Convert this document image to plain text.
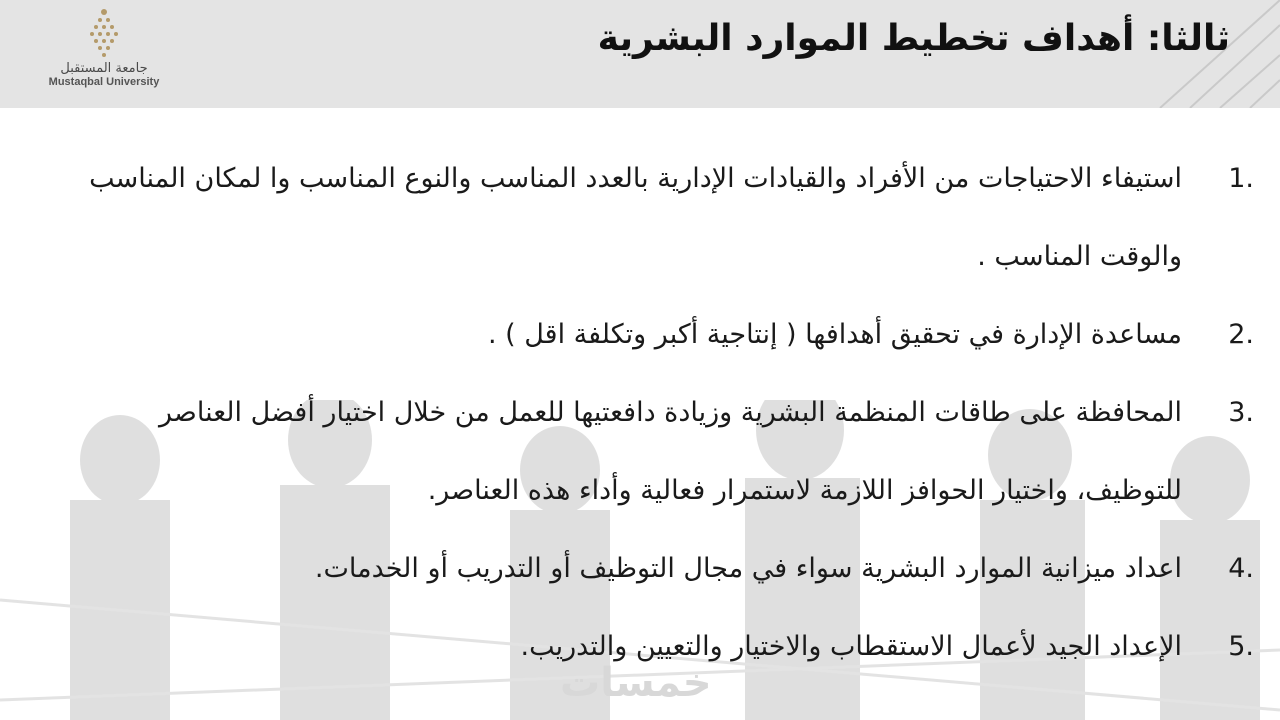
جامعة المستقبل
Mustaqbal University
ثالثا: أهداف تخطيط الموارد البشرية
1.
استيفاء الاحتياجات من الأفراد والقيادات الإدارية بالعدد المناسب والنوع المناسب وا لمكان المناسب والوقت المناسب .
2.
مساعدة الإدارة في تحقيق أهدافها ( إنتاجية أكبر وتكلفة اقل ) .
3.
المحافظة على طاقات المنظمة البشرية وزيادة دافعتيها للعمل من خلال اختيار أفضل العناصر للتوظيف، واختيار الحوافز اللازمة لاستمرار فعالية وأداء هذه العناصر.
4.
اعداد ميزانية الموارد البشرية سواء في مجال التوظيف أو التدريب أو الخدمات.
5.
الإعداد الجيد لأعمال الاستقطاب والاختيار والتعيين والتدريب.
خمسات
